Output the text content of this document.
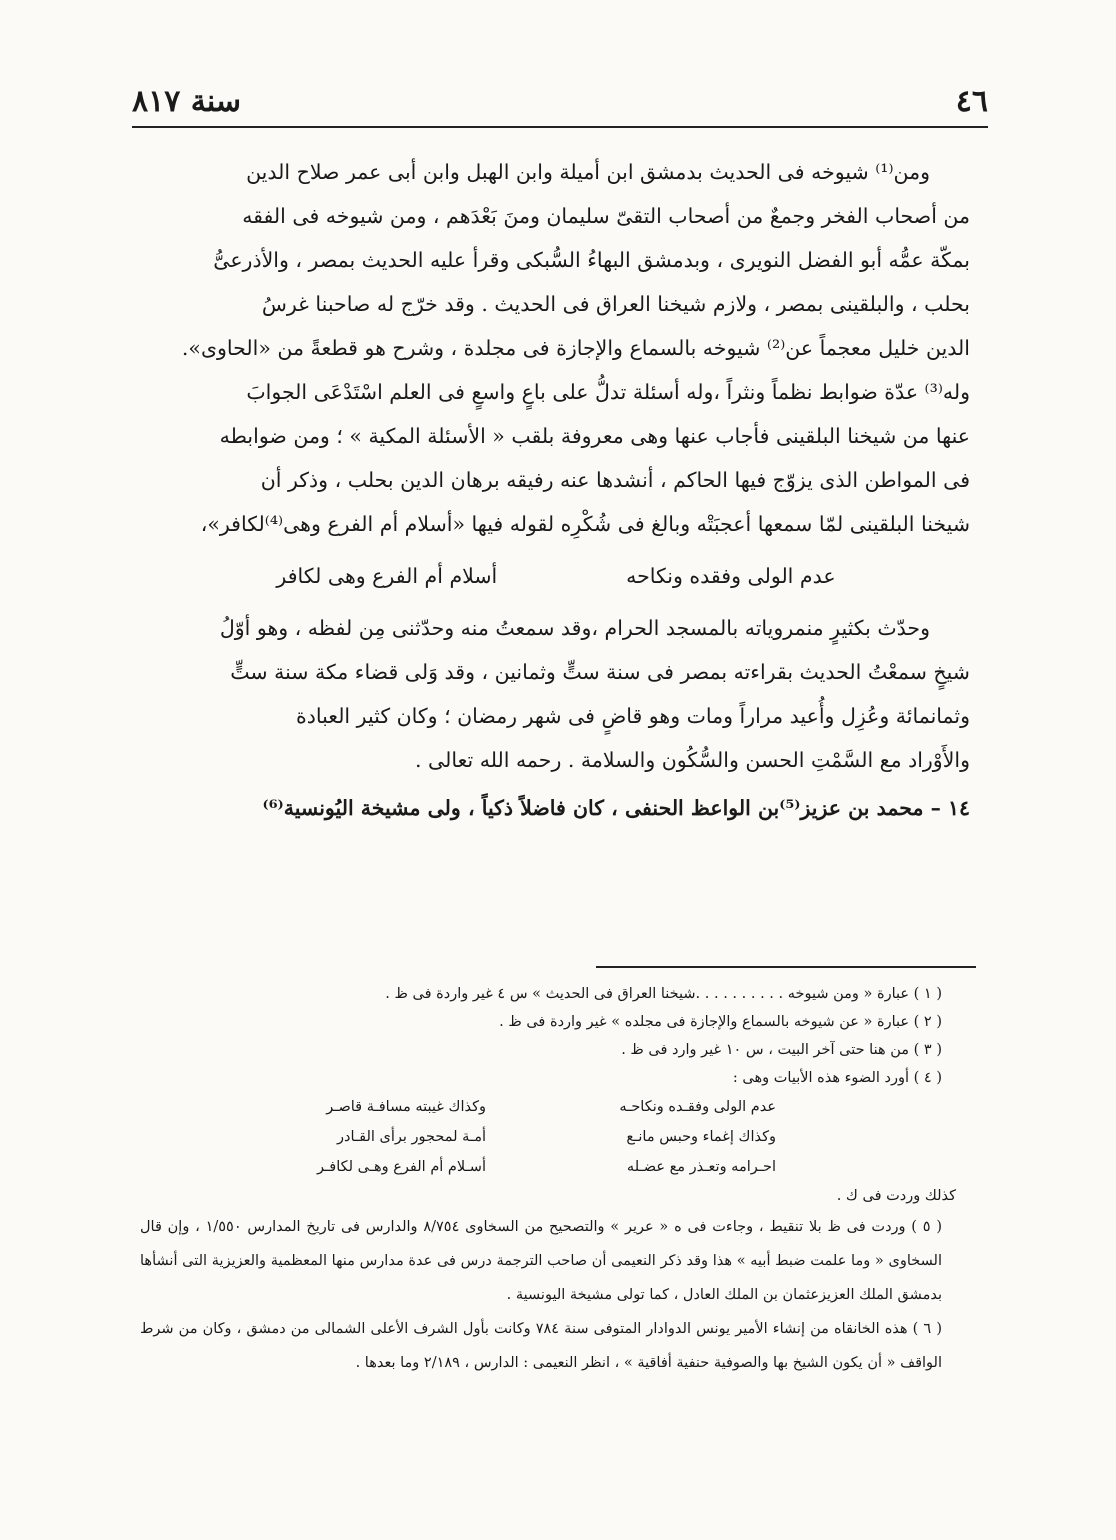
٤٦
سنة ٨١٧

ومن⁽¹⁾ شيوخه فى الحديث بدمشق ابن أميلة وابن الهبل وابن أبى عمر صلاح الدين

من أصحاب الفخر وجمعٌ من أصحاب التقىّ سليمان ومنَ بَعْدَهم ، ومن شيوخه فى الفقه

بمكّة عمُّه أبو الفضل النويرى ، وبدمشق البهاءُ السُّبكى وقرأ عليه الحديث بمصر ، والأذرعىُّ

بحلب ، والبلقينى بمصر ، ولازم شيخنا العراق فى الحديث . وقد خرّج له صاحبنا غرسُ

الدين خليل معجماً عن⁽²⁾ شيوخه بالسماع والإجازة فى مجلدة ، وشرح هو قطعةً من «الحاوى».

وله⁽³⁾ عدّة ضوابط نظماً ونثراً ،وله أسئلة تدلُّ على باعٍ واسعٍ فى العلم اسْتَدْعَى الجوابَ

عنها من شيخنا البلقينى فأجاب عنها وهى معروفة بلقب « الأسئلة المكية » ؛ ومن ضوابطه

فى المواطن الذى يزوّج فيها الحاكم ، أنشدها عنه رفيقه برهان الدين بحلب ، وذكر أن

شيخنا البلقينى لمّا سمعها أعجبَتْه وبالغ فى شُكْرِه لقوله فيها «أسلام أم الفرع وهى⁽⁴⁾لكافر»،

عدم الولى وفقده ونكاحه
أسلام أم الفرع وهى لكافر

وحدّث بكثيرٍ منمروياته بالمسجد الحرام ،وقد سمعتُ منه وحدّثنى مِن لفظه ، وهو أوّلُ

شيخٍ سمعْتُ الحديث بقراءته بمصر فى سنة ستٍّ وثمانين ، وقد وَلى قضاء مكة سنة ستٍّ

وثمانمائة وعُزِل وأُعيد مراراً ومات وهو قاضٍ فى شهر رمضان ؛ وكان كثير العبادة

والأَوْراد مع السَّمْتِ الحسن والسُّكُون والسلامة . رحمه الله تعالى .

١٤ – محمد بن عزيز⁽⁵⁾بن الواعظ الحنفى ، كان فاضلاً ذكياً ، ولى مشيخة اليُونسية⁽⁶⁾

( ١ ) عبارة « ومن شيوخه . . . . . . . . . .شيخنا العراق فى الحديث » س ٤ غير واردة فى ظ .

( ٢ ) عبارة « عن شيوخه بالسماع والإجازة فى مجلده » غير واردة فى ظ .

( ٣ ) من هنا حتى آخر البيت ، س ١٠ غير وارد فى ظ .

( ٤ ) أورد الضوء هذه الأبيات وهى :

عدم الولى وفقـده ونكاحـه
وكذاك غيبته مسافـة قاصـر
وكذاك إغماء وحبس مانـع
أمـة لمحجور برأى القـادر
احـرامه وتعـذر مع عضـله
أسـلام أم الفرع وهـى لكافـر

كذلك وردت فى ك .

( ٥ ) وردت فى ظ بلا تنقيط ، وجاءت فى ه « عرير » والتصحيح من السخاوى ٨/٧٥٤ والدارس فى تاريخ المدارس ١/٥٥٠ ، وإن قال السخاوى « وما علمت ضبط أبيه » هذا وقد ذكر النعيمى أن صاحب الترجمة درس فى عدة مدارس منها المعظمية والعزيزية التى أنشأها بدمشق الملك العزيزعثمان بن الملك العادل ، كما تولى مشيخة اليونسية .

( ٦ ) هذه الخانقاه من إنشاء الأمير يونس الدوادار المتوفى سنة ٧٨٤ وكانت بأول الشرف الأعلى الشمالى من دمشق ، وكان من شرط الواقف « أن يكون الشيخ بها والصوفية حنفية أفاقية » ، انظر النعيمى : الدارس ، ٢/١٨٩ وما بعدها .
